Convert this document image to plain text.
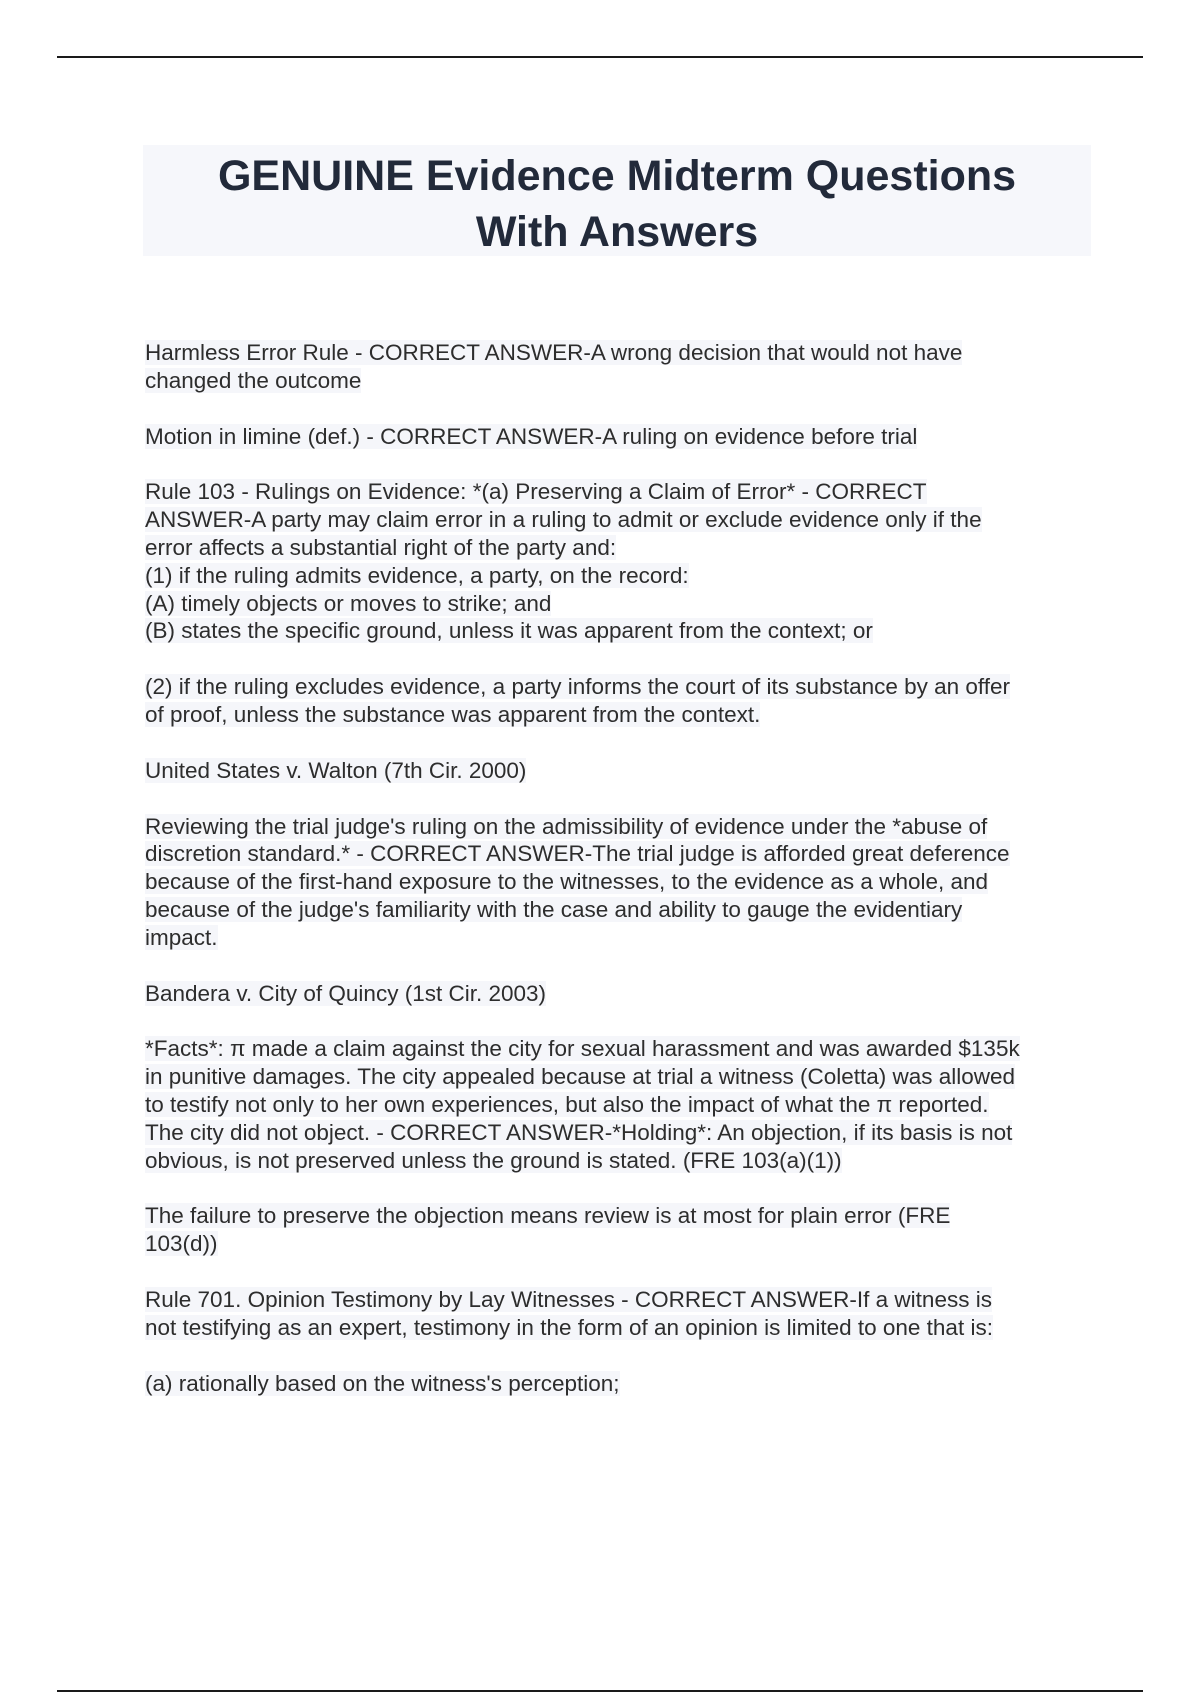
GENUINE Evidence Midterm Questions
With Answers

Harmless Error Rule - CORRECT ANSWER-A wrong decision that would not have
changed the outcome

Motion in limine (def.) - CORRECT ANSWER-A ruling on evidence before trial

Rule 103 - Rulings on Evidence: *(a) Preserving a Claim of Error* - CORRECT
ANSWER-A party may claim error in a ruling to admit or exclude evidence only if the
error affects a substantial right of the party and:
(1) if the ruling admits evidence, a party, on the record:
(A) timely objects or moves to strike; and
(B) states the specific ground, unless it was apparent from the context; or

(2) if the ruling excludes evidence, a party informs the court of its substance by an offer
of proof, unless the substance was apparent from the context.

United States v. Walton (7th Cir. 2000)

Reviewing the trial judge's ruling on the admissibility of evidence under the *abuse of
discretion standard.* - CORRECT ANSWER-The trial judge is afforded great deference
because of the first-hand exposure to the witnesses, to the evidence as a whole, and
because of the judge's familiarity with the case and ability to gauge the evidentiary
impact.

Bandera v. City of Quincy (1st Cir. 2003)

*Facts*: π made a claim against the city for sexual harassment and was awarded $135k
in punitive damages. The city appealed because at trial a witness (Coletta) was allowed
to testify not only to her own experiences, but also the impact of what the π reported.
The city did not object. - CORRECT ANSWER-*Holding*: An objection, if its basis is not
obvious, is not preserved unless the ground is stated. (FRE 103(a)(1))

The failure to preserve the objection means review is at most for plain error (FRE
103(d))

Rule 701. Opinion Testimony by Lay Witnesses - CORRECT ANSWER-If a witness is
not testifying as an expert, testimony in the form of an opinion is limited to one that is:

(a) rationally based on the witness's perception;
